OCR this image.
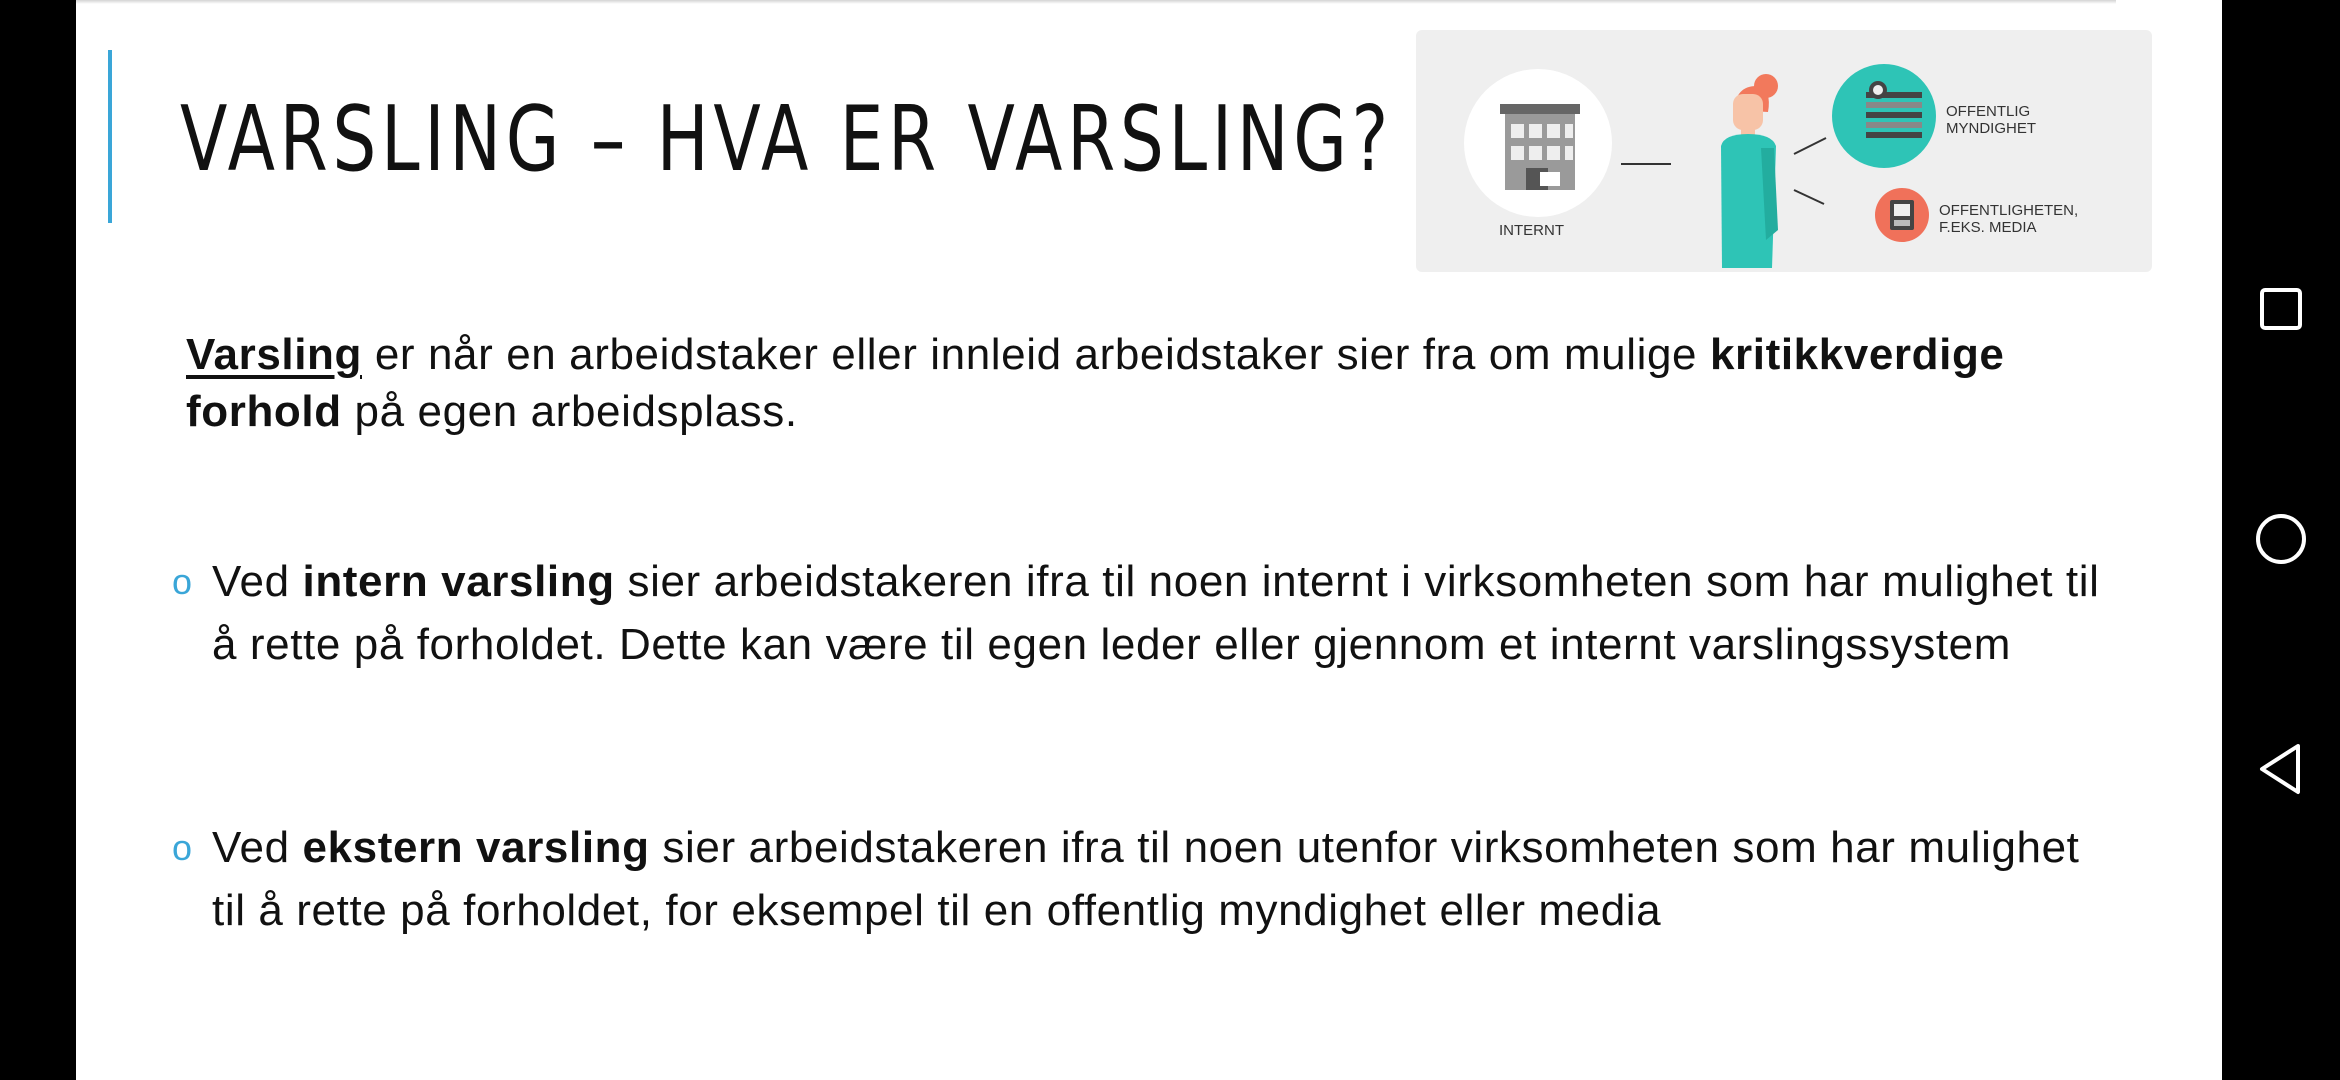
VARSLING – HVA ER VARSLING?
INTERNT
OFFENTLIG
MYNDIGHET
OFFENTLIGHETEN,
F.EKS. MEDIA

Varsling er når en arbeidstaker eller innleid arbeidstaker sier fra om mulige kritikkverdige forhold på egen arbeidsplass.

o Ved intern varsling sier arbeidstakeren ifra til noen internt i virksomheten som har mulighet til å rette på forholdet. Dette kan være til egen leder eller gjennom et internt varslingssystem
o Ved ekstern varsling sier arbeidstakeren ifra til noen utenfor virksomheten som har mulighet til å rette på forholdet, for eksempel til en offentlig myndighet eller media
